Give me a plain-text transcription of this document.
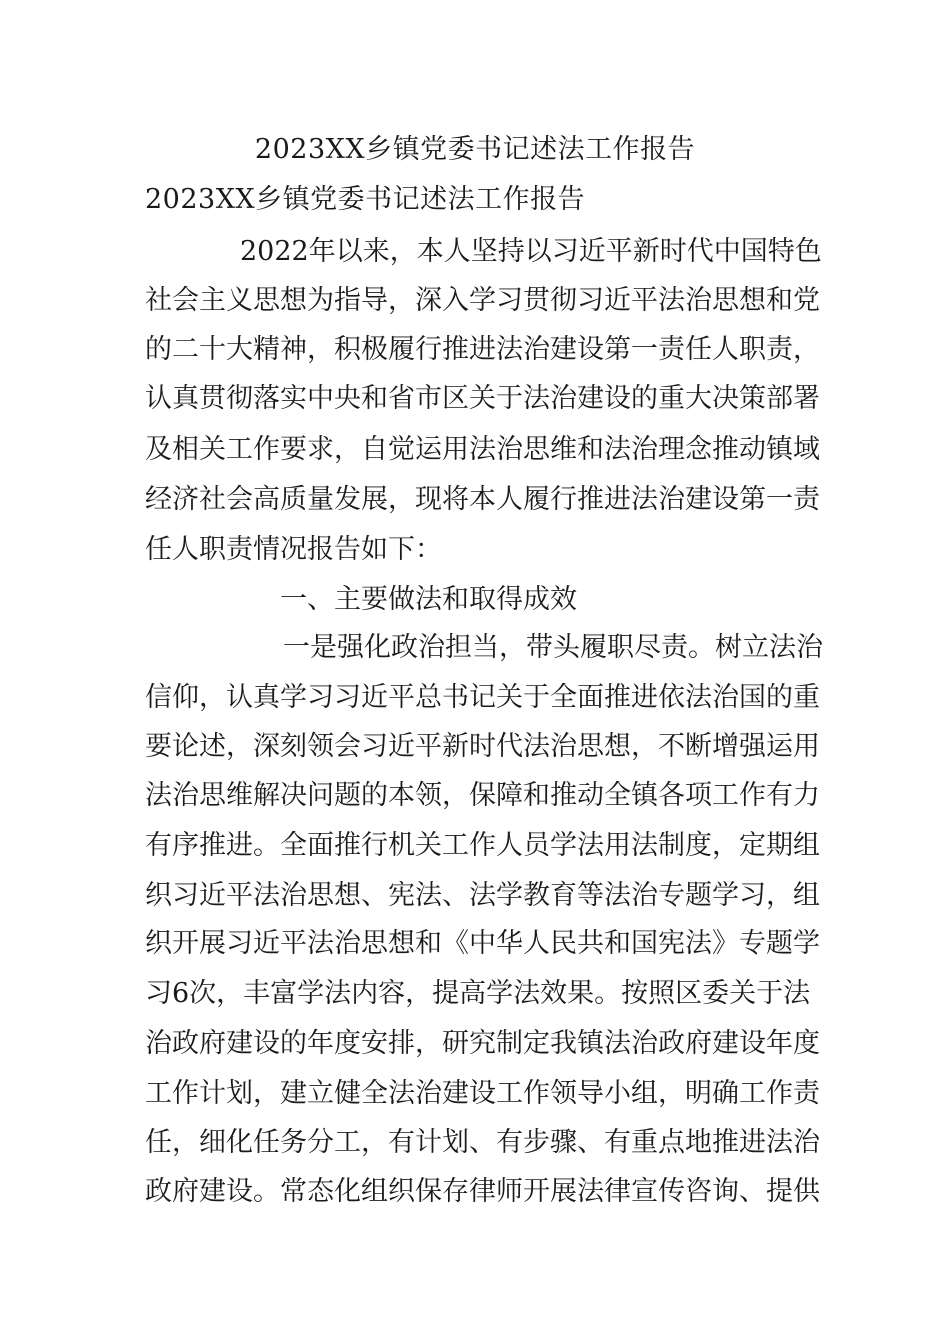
2023XX乡镇党委书记述法工作报告
2023XX乡镇党委书记述法工作报告
2022年以来，本人坚持以习近平新时代中国特色
社会主义思想为指导，深入学习贯彻习近平法治思想和党
的二十大精神，积极履行推进法治建设第一责任人职责，
认真贯彻落实中央和省市区关于法治建设的重大决策部署
及相关工作要求，自觉运用法治思维和法治理念推动镇域
经济社会高质量发展，现将本人履行推进法治建设第一责
任人职责情况报告如下：
一、主要做法和取得成效
一是强化政治担当，带头履职尽责。树立法治
信仰，认真学习习近平总书记关于全面推进依法治国的重
要论述，深刻领会习近平新时代法治思想，不断增强运用
法治思维解决问题的本领，保障和推动全镇各项工作有力
有序推进。全面推行机关工作人员学法用法制度，定期组
织习近平法治思想、宪法、法学教育等法治专题学习，组
织开展习近平法治思想和《中华人民共和国宪法》专题学
习6次，丰富学法内容，提高学法效果。按照区委关于法
治政府建设的年度安排，研究制定我镇法治政府建设年度
工作计划，建立健全法治建设工作领导小组，明确工作责
任，细化任务分工，有计划、有步骤、有重点地推进法治
政府建设。常态化组织保存律师开展法律宣传咨询、提供
